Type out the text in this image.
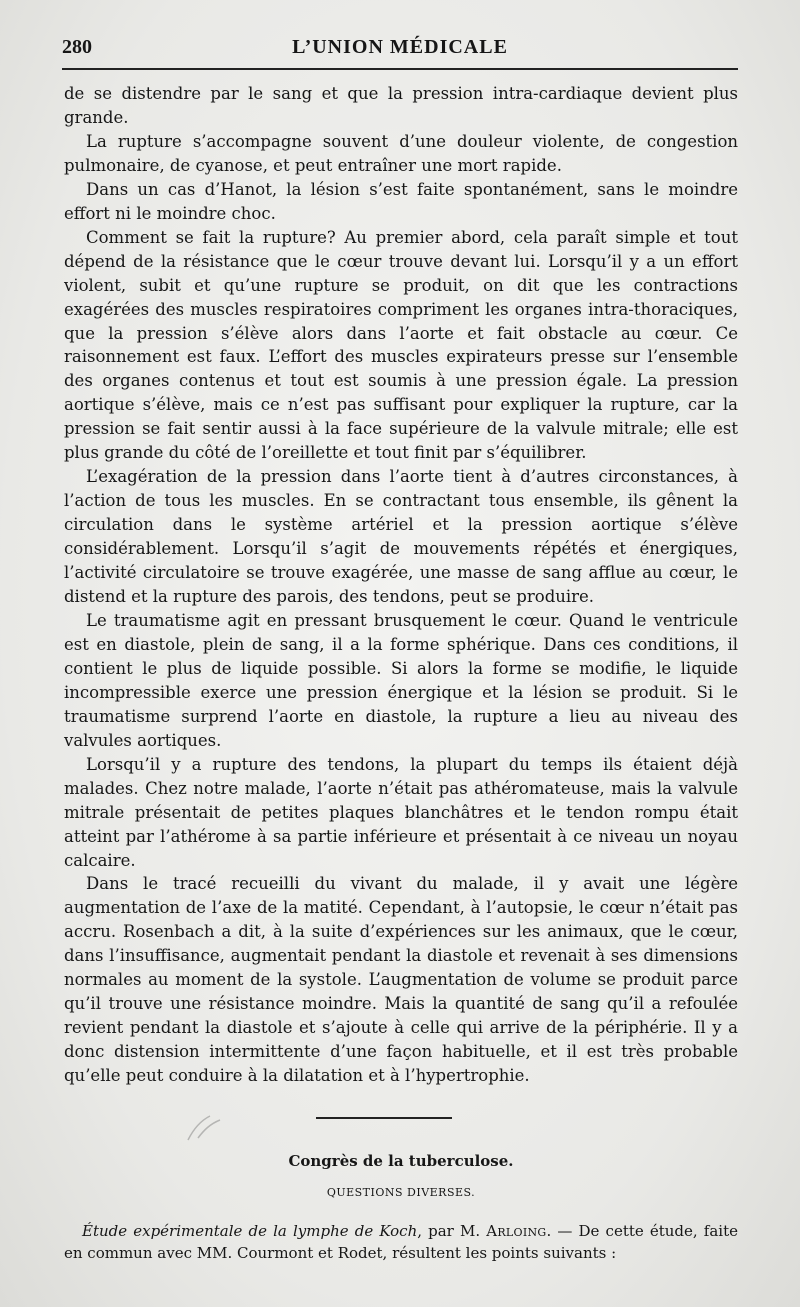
280	L’UNION MÉDICALE

de se distendre par le sang et que la pression intra-cardiaque devient plus grande.

La rupture s’accompagne souvent d’une douleur violente, de congestion pulmonaire, de cyanose, et peut entraîner une mort rapide.

Dans un cas d’Hanot, la lésion s’est faite spontanément, sans le moindre effort ni le moindre choc.

Comment se fait la rupture? Au premier abord, cela paraît simple et tout dépend de la résistance que le cœur trouve devant lui. Lorsqu’il y a un effort violent, subit et qu’une rupture se produit, on dit que les contractions exagérées des muscles respiratoires compriment les organes intra-thoraciques, que la pression s’élève alors dans l’aorte et fait obstacle au cœur. Ce raisonnement est faux. L’effort des muscles expirateurs presse sur l’ensemble des organes contenus et tout est soumis à une pression égale. La pression aortique s’élève, mais ce n’est pas suffisant pour expliquer la rupture, car la pression se fait sentir aussi à la face supérieure de la valvule mitrale; elle est plus grande du côté de l’oreillette et tout finit par s’équilibrer.

L’exagération de la pression dans l’aorte tient à d’autres circonstances, à l’action de tous les muscles. En se contractant tous ensemble, ils gênent la circulation dans le système artériel et la pression aortique s’élève considérablement. Lorsqu’il s’agit de mouvements répétés et énergiques, l’activité circulatoire se trouve exagérée, une masse de sang afflue au cœur, le distend et la rupture des parois, des tendons, peut se produire.

Le traumatisme agit en pressant brusquement le cœur. Quand le ventricule est en diastole, plein de sang, il a la forme sphérique. Dans ces conditions, il contient le plus de liquide possible. Si alors la forme se modifie, le liquide incompressible exerce une pression énergique et la lésion se produit. Si le traumatisme surprend l’aorte en diastole, la rupture a lieu au niveau des valvules aortiques.

Lorsqu’il y a rupture des tendons, la plupart du temps ils étaient déjà malades. Chez notre malade, l’aorte n’était pas athéromateuse, mais la valvule mitrale présentait de petites plaques blanchâtres et le tendon rompu était atteint par l’athérome à sa partie inférieure et présentait à ce niveau un noyau calcaire.

Dans le tracé recueilli du vivant du malade, il y avait une légère augmentation de l’axe de la matité. Cependant, à l’autopsie, le cœur n’était pas accru. Rosenbach a dit, à la suite d’expériences sur les animaux, que le cœur, dans l’insuffisance, augmentait pendant la diastole et revenait à ses dimensions normales au moment de la systole. L’augmentation de volume se produit parce qu’il trouve une résistance moindre. Mais la quantité de sang qu’il a refoulée revient pendant la diastole et s’ajoute à celle qui arrive de la périphérie. Il y a donc distension intermittente d’une façon habituelle, et il est très probable qu’elle peut conduire à la dilatation et à l’hypertrophie.

Congrès de la tuberculose.
QUESTIONS DIVERSES.
Étude expérimentale de la lymphe de Koch, par M. Arloing. — De cette étude, faite en commun avec MM. Courmont et Rodet, résultent les points suivants :
